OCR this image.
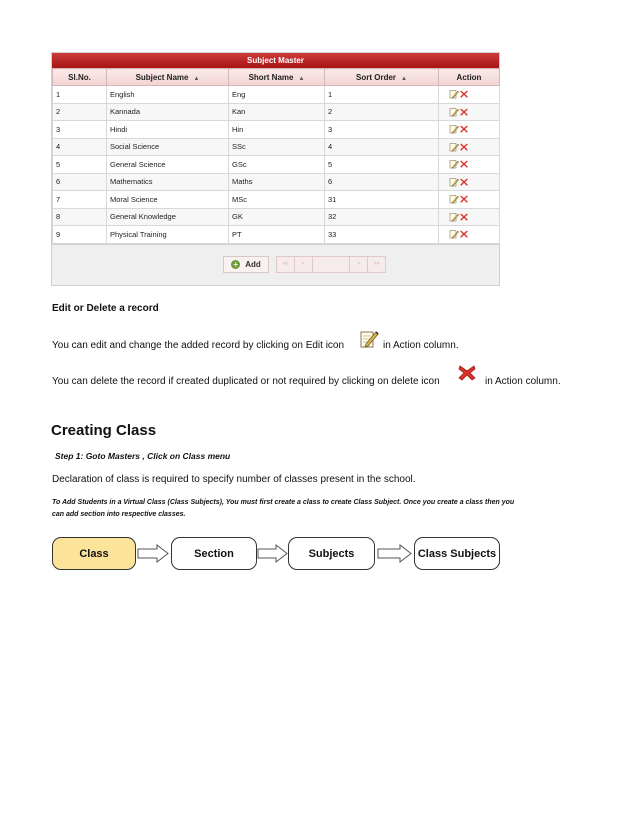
Subject Master
Sl.No.	Subject Name ▲︎	Short Name ▲︎	Sort Order ▲︎	Action
1	English	Eng	1	
2	Kannada	Kan	2	
3	Hindi	Hin	3	
4	Social Science	SSc	4	
5	General Science	GSc	5	
6	Mathematics	Maths	6	
7	Moral Science	MSc	31	
8	General Knowledge	GK	32	
9	Physical Training	PT	33	
+ Add	<<	<	>	>>
Edit or Delete a record
You can edit and change the added record by clicking on Edit icon	in Action column.
You can delete the record if created duplicated or not required by clicking on delete icon	in Action column.
Creating Class
Step 1: Goto Masters , Click on Class menu
Declaration of class is required to specify number of classes present in the school.
To Add Students in a Virtual Class (Class Subjects), You must first create a class to create Class Subject. Once you create a class then you
can add section into respective classes.
Class	Section	Subjects	Class Subjects
